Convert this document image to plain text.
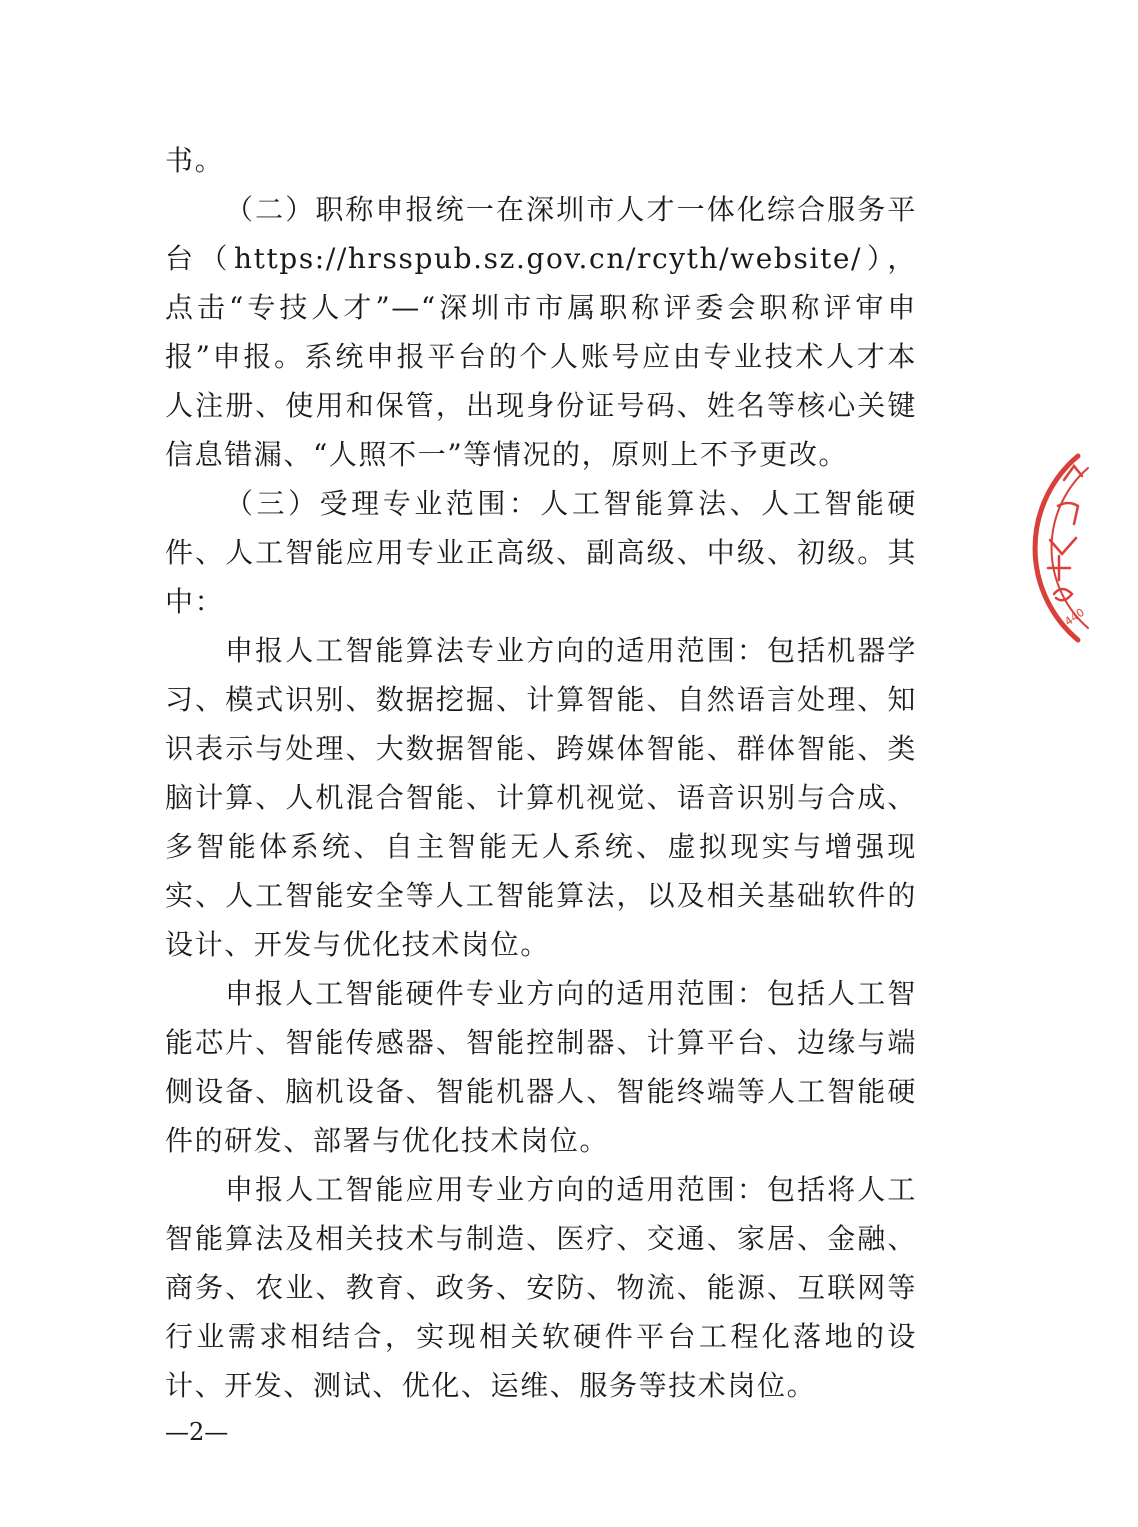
书。

（二）职称申报统一在深圳市人才一体化综合服务平台（https://hrsspub.sz.gov.cn/rcyth/website/），点击“专技人才”—“深圳市市属职称评委会职称评审申报”申报。系统申报平台的个人账号应由专业技术人才本人注册、使用和保管，出现身份证号码、姓名等核心关键信息错漏、“人照不一”等情况的，原则上不予更改。

（三）受理专业范围：人工智能算法、人工智能硬件、人工智能应用专业正高级、副高级、中级、初级。其中：

申报人工智能算法专业方向的适用范围：包括机器学习、模式识别、数据挖掘、计算智能、自然语言处理、知识表示与处理、大数据智能、跨媒体智能、群体智能、类脑计算、人机混合智能、计算机视觉、语音识别与合成、多智能体系统、自主智能无人系统、虚拟现实与增强现实、人工智能安全等人工智能算法，以及相关基础软件的设计、开发与优化技术岗位。

申报人工智能硬件专业方向的适用范围：包括人工智能芯片、智能传感器、智能控制器、计算平台、边缘与端侧设备、脑机设备、智能机器人、智能终端等人工智能硬件的研发、部署与优化技术岗位。

申报人工智能应用专业方向的适用范围：包括将人工智能算法及相关技术与制造、医疗、交通、家居、金融、商务、农业、教育、政务、安防、物流、能源、互联网等行业需求相结合，实现相关软硬件平台工程化落地的设计、开发、测试、优化、运维、服务等技术岗位。

—2—
440
